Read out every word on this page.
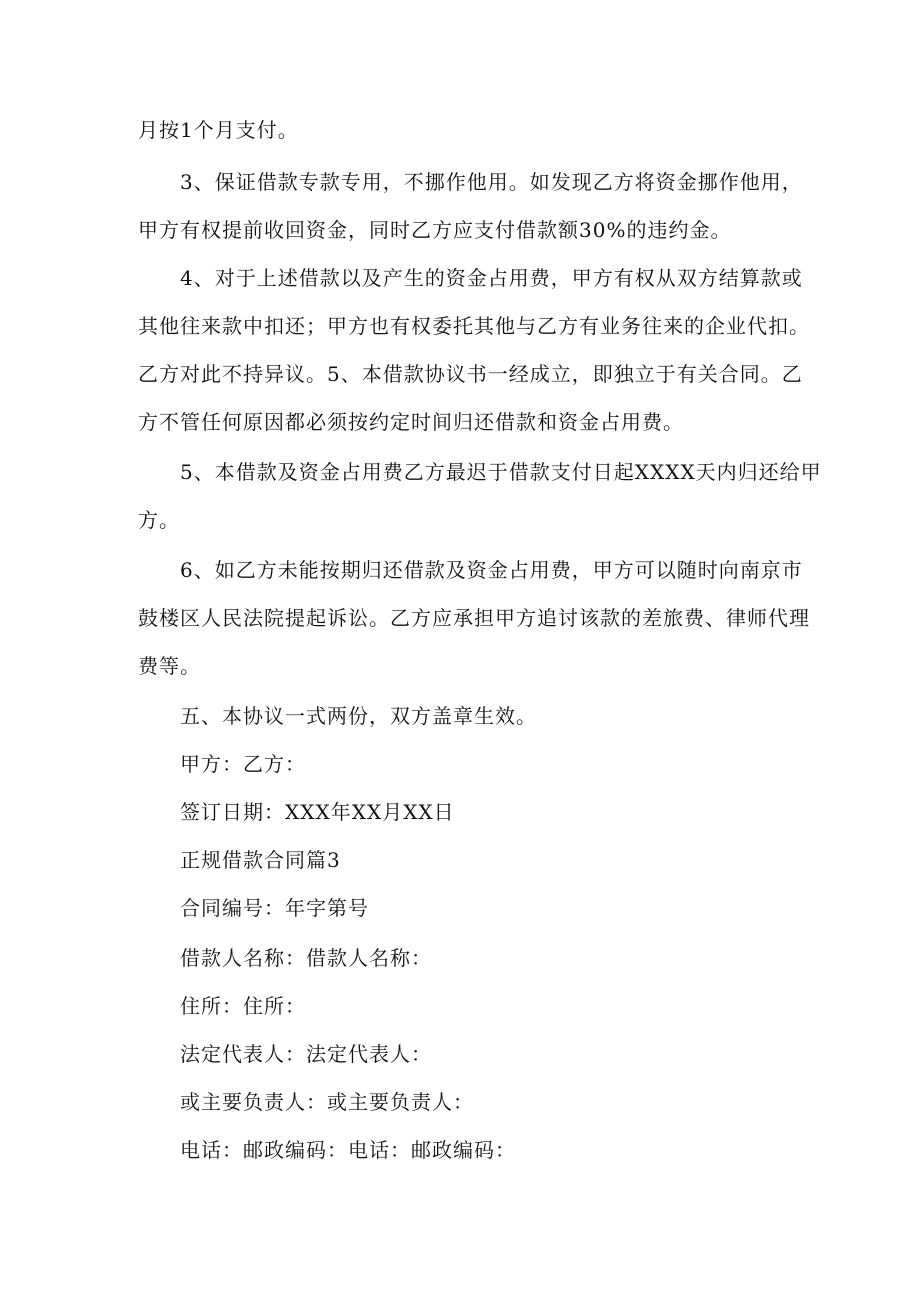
月按1个月支付。
3、保证借款专款专用，不挪作他用。如发现乙方将资金挪作他用，
甲方有权提前收回资金，同时乙方应支付借款额30%的违约金。
4、对于上述借款以及产生的资金占用费，甲方有权从双方结算款或
其他往来款中扣还；甲方也有权委托其他与乙方有业务往来的企业代扣。
乙方对此不持异议。5、本借款协议书一经成立，即独立于有关合同。乙
方不管任何原因都必须按约定时间归还借款和资金占用费。
5、本借款及资金占用费乙方最迟于借款支付日起XXXX天内归还给甲
方。
6、如乙方未能按期归还借款及资金占用费，甲方可以随时向南京市
鼓楼区人民法院提起诉讼。乙方应承担甲方追讨该款的差旅费、律师代理
费等。
五、本协议一式两份，双方盖章生效。
甲方：乙方：
签订日期：XXX年XX月XX日
正规借款合同篇3
合同编号：年字第号
借款人名称：借款人名称：
住所：住所：
法定代表人：法定代表人：
或主要负责人：或主要负责人：
电话：邮政编码：电话：邮政编码：
